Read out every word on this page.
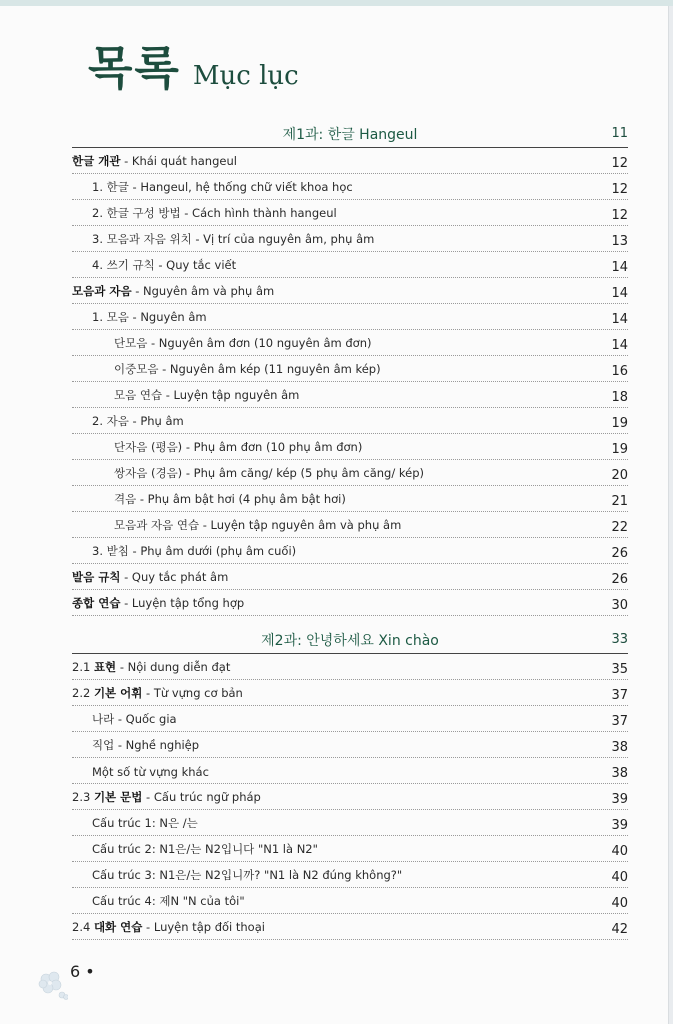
목록 Mục lục
제1과: 한글 Hangeul	11
한글 개관 - Khái quát hangeul	12
1. 한글 - Hangeul, hệ thống chữ viết khoa học	12
2. 한글 구성 방법 - Cách hình thành hangeul	12
3. 모음과 자음 위치 - Vị trí của nguyên âm, phụ âm	13
4. 쓰기 규칙 - Quy tắc viết	14
모음과 자음 - Nguyên âm và phụ âm	14
1. 모음 - Nguyên âm	14
단모음 - Nguyên âm đơn (10 nguyên âm đơn)	14
이중모음 - Nguyên âm kép (11 nguyên âm kép)	16
모음 연습 - Luyện tập nguyên âm	18
2. 자음 - Phụ âm	19
단자음 (평음) - Phụ âm đơn (10 phụ âm đơn)	19
쌍자음 (경음) - Phụ âm căng/ kép (5 phụ âm căng/ kép)	20
격음 - Phụ âm bật hơi (4 phụ âm bật hơi)	21
모음과 자음 연습 - Luyện tập nguyên âm và phụ âm	22
3. 받침 - Phụ âm dưới (phụ âm cuối)	26
발음 규칙 - Quy tắc phát âm	26
종합 연습 - Luyện tập tổng hợp	30
제2과: 안녕하세요 Xin chào	33
2.1 표현 - Nội dung diễn đạt	35
2.2 기본 어휘 - Từ vựng cơ bản	37
나라 - Quốc gia	37
직업 - Nghề nghiệp	38
Một số từ vựng khác	38
2.3 기본 문법 - Cấu trúc ngữ pháp	39
Cấu trúc 1: N은 /는	39
Cấu trúc 2: N1은/는 N2입니다 "N1 là N2"	40
Cấu trúc 3: N1은/는 N2입니까? "N1 là N2 đúng không?"	40
Cấu trúc 4: 제N "N của tôi"	40
2.4 대화 연습 - Luyện tập đối thoại	42
6 •
